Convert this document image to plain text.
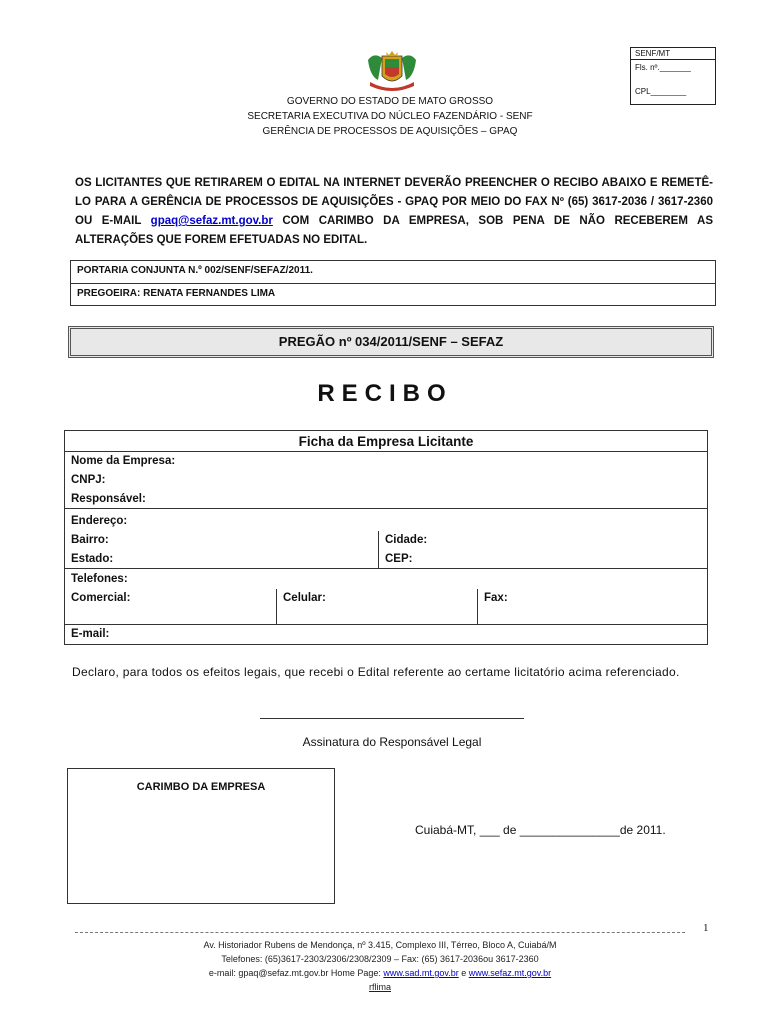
SENF/MT
Fls. nº._______
CPL________
GOVERNO DO ESTADO DE MATO GROSSO
SECRETARIA EXECUTIVA DO NÚCLEO FAZENDÁRIO - SENF
GERÊNCIA DE PROCESSOS DE AQUISIÇÕES – GPAQ
OS LICITANTES QUE RETIRAREM O EDITAL NA INTERNET DEVERÃO PREENCHER O RECIBO ABAIXO E REMETÊ-LO PARA A GERÊNCIA DE PROCESSOS DE AQUISIÇÕES - GPAQ POR MEIO DO FAX Nº (65) 3617-2036 / 3617-2360 OU E-MAIL gpaq@sefaz.mt.gov.br COM CARIMBO DA EMPRESA, SOB PENA DE NÃO RECEBEREM AS ALTERAÇÕES QUE FOREM EFETUADAS NO EDITAL.
PORTARIA CONJUNTA N.º 002/SENF/SEFAZ/2011.
PREGOEIRA: RENATA FERNANDES LIMA
PREGÃO nº 034/2011/SENF – SEFAZ
RECIBO
Ficha da Empresa Licitante
Nome da Empresa:
CNPJ:
Responsável:
Endereço:
Bairro:	Cidade:
Estado:	CEP:
Telefones:
Comercial:	Celular:	Fax:
E-mail:
Declaro, para todos os efeitos legais, que recebi o Edital referente ao certame licitatório acima referenciado.
Assinatura do Responsável Legal
CARIMBO DA EMPRESA
Cuiabá-MT, ___ de _______________de 2011.
1
Av. Historiador Rubens de Mendonça, nº 3.415, Complexo III, Térreo, Bloco A, Cuiabá/M
Telefones: (65)3617-2303/2306/2308/2309 – Fax: (65) 3617-2036ou 3617-2360
e-mail: gpaq@sefaz.mt.gov.br Home Page: www.sad.mt.gov.br e www.sefaz.mt.gov.br
rflima
